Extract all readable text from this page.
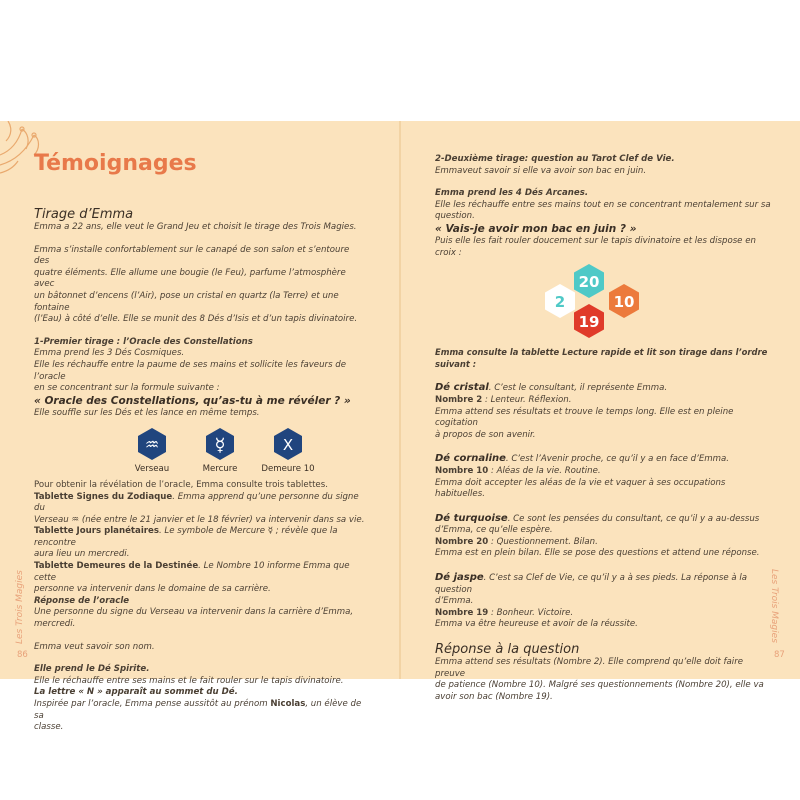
Témoignages

Tirage d’Emma

Emma a 22 ans, elle veut le Grand Jeu et choisit le tirage des Trois Magies.

Emma s’installe confortablement sur le canapé de son salon et s’entoure des
quatre éléments. Elle allume une bougie (le Feu), parfume l’atmosphère avec
un bâtonnet d’encens (l’Air), pose un cristal en quartz (la Terre) et une fontaine
(l’Eau) à côté d’elle. Elle se munit des 8 Dés d’Isis et d’un tapis divinatoire.

1-Premier tirage : l’Oracle des Constellations

Emma prend les 3 Dés Cosmiques.
Elle les réchauffe entre la paume de ses mains et sollicite les faveurs de l’oracle
en se concentrant sur la formule suivante :

« Oracle des Constellations, qu’as-tu à me révéler ? »

Elle souffle sur les Dés et les lance en même temps.

♒
Verseau
☿
Mercure
X
Demeure 10

Pour obtenir la révélation de l’oracle, Emma consulte trois tablettes.
Tablette Signes du Zodiaque. Emma apprend qu’une personne du signe du
Verseau ♒ (née entre le 21 janvier et le 18 février) va intervenir dans sa vie.
Tablette Jours planétaires. Le symbole de Mercure ☿ ; révèle que la rencontre
aura lieu un mercredi.
Tablette Demeures de la Destinée. Le Nombre 10 informe Emma que cette
personne va intervenir dans le domaine de sa carrière.
Réponse de l’oracle
Une personne du signe du Verseau va intervenir dans la carrière d’Emma,
mercredi.

Emma veut savoir son nom.

Elle prend le Dé Spirite.
Elle le réchauffe entre ses mains et le fait rouler sur le tapis divinatoire.
La lettre « N » apparaît au sommet du Dé.
Inspirée par l’oracle, Emma pense aussitôt au prénom Nicolas, un élève de sa
classe.

Les Trois Magies
86

2-Deuxième tirage: question au Tarot Clef de Vie.

Emmaveut savoir si elle va avoir son bac en juin.

Emma prend les 4 Dés Arcanes.
Elle les réchauffe entre ses mains tout en se concentrant mentalement sur sa
question.

« Vais-je avoir mon bac en juin ? »

Puis elle les fait rouler doucement sur le tapis divinatoire et les dispose en croix :

20
2	10
19

Emma consulte la tablette Lecture rapide et lit son tirage dans l’ordre suivant :

Dé cristal. C’est le consultant, il représente Emma.
Nombre 2 : Lenteur. Réflexion.
Emma attend ses résultats et trouve le temps long. Elle est en pleine cogitation
à propos de son avenir.

Dé cornaline. C’est l’Avenir proche, ce qu’il y a en face d’Emma.
Nombre 10 : Aléas de la vie. Routine.
Emma doit accepter les aléas de la vie et vaquer à ses occupations habituelles.

Dé turquoise. Ce sont les pensées du consultant, ce qu’il y a au-dessus
d’Emma, ce qu’elle espère.
Nombre 20 : Questionnement. Bilan.
Emma est en plein bilan. Elle se pose des questions et attend une réponse.

Dé jaspe. C’est sa Clef de Vie, ce qu’il y a à ses pieds. La réponse à la question
d’Emma.
Nombre 19 : Bonheur. Victoire.
Emma va être heureuse et avoir de la réussite.

Réponse à la question

Emma attend ses résultats (Nombre 2). Elle comprend qu’elle doit faire preuve
de patience (Nombre 10). Malgré ses questionnements (Nombre 20), elle va
avoir son bac (Nombre 19).

Les Trois Magies
87
